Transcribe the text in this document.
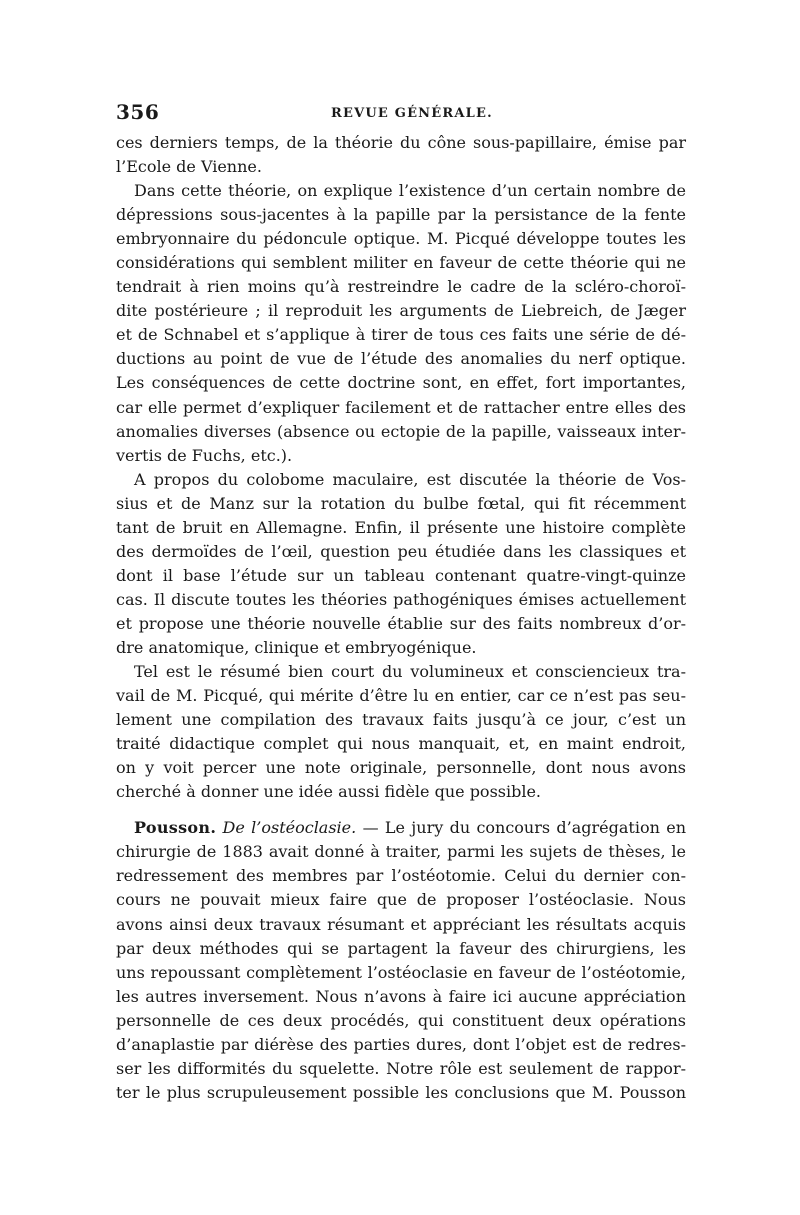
356	REVUE GÉNÉRALE.
ces derniers temps, de la théorie du cône sous-papillaire, émise par
l’Ecole de Vienne.
Dans cette théorie, on explique l’existence d’un certain nombre de
dépressions sous-jacentes à la papille par la persistance de la fente
embryonnaire du pédoncule optique. M. Picqué développe toutes les
considérations qui semblent militer en faveur de cette théorie qui ne
tendrait à rien moins qu’à restreindre le cadre de la scléro-choroï-
dite postérieure ; il reproduit les arguments de Liebreich, de Jæger
et de Schnabel et s’applique à tirer de tous ces faits une série de dé-
ductions au point de vue de l’étude des anomalies du nerf optique.
Les conséquences de cette doctrine sont, en effet, fort importantes,
car elle permet d’expliquer facilement et de rattacher entre elles des
anomalies diverses (absence ou ectopie de la papille, vaisseaux inter-
vertis de Fuchs, etc.).
A propos du colobome maculaire, est discutée la théorie de Vos-
sius et de Manz sur la rotation du bulbe fœtal, qui fit récemment
tant de bruit en Allemagne. Enfin, il présente une histoire complète
des dermoïdes de l’œil, question peu étudiée dans les classiques et
dont il base l’étude sur un tableau contenant quatre-vingt-quinze
cas. Il discute toutes les théories pathogéniques émises actuellement
et propose une théorie nouvelle établie sur des faits nombreux d’or-
dre anatomique, clinique et embryogénique.
Tel est le résumé bien court du volumineux et consciencieux tra-
vail de M. Picqué, qui mérite d’être lu en entier, car ce n’est pas seu-
lement une compilation des travaux faits jusqu’à ce jour, c’est un
traité didactique complet qui nous manquait, et, en maint endroit,
on y voit percer une note originale, personnelle, dont nous avons
cherché à donner une idée aussi fidèle que possible.
Pousson. De l’ostéoclasie. — Le jury du concours d’agrégation en
chirurgie de 1883 avait donné à traiter, parmi les sujets de thèses, le
redressement des membres par l’ostéotomie. Celui du dernier con-
cours ne pouvait mieux faire que de proposer l’ostéoclasie. Nous
avons ainsi deux travaux résumant et appréciant les résultats acquis
par deux méthodes qui se partagent la faveur des chirurgiens, les
uns repoussant complètement l’ostéoclasie en faveur de l’ostéotomie,
les autres inversement. Nous n’avons à faire ici aucune appréciation
personnelle de ces deux procédés, qui constituent deux opérations
d’anaplastie par diérèse des parties dures, dont l’objet est de redres-
ser les difformités du squelette. Notre rôle est seulement de rappor-
ter le plus scrupuleusement possible les conclusions que M. Pousson
